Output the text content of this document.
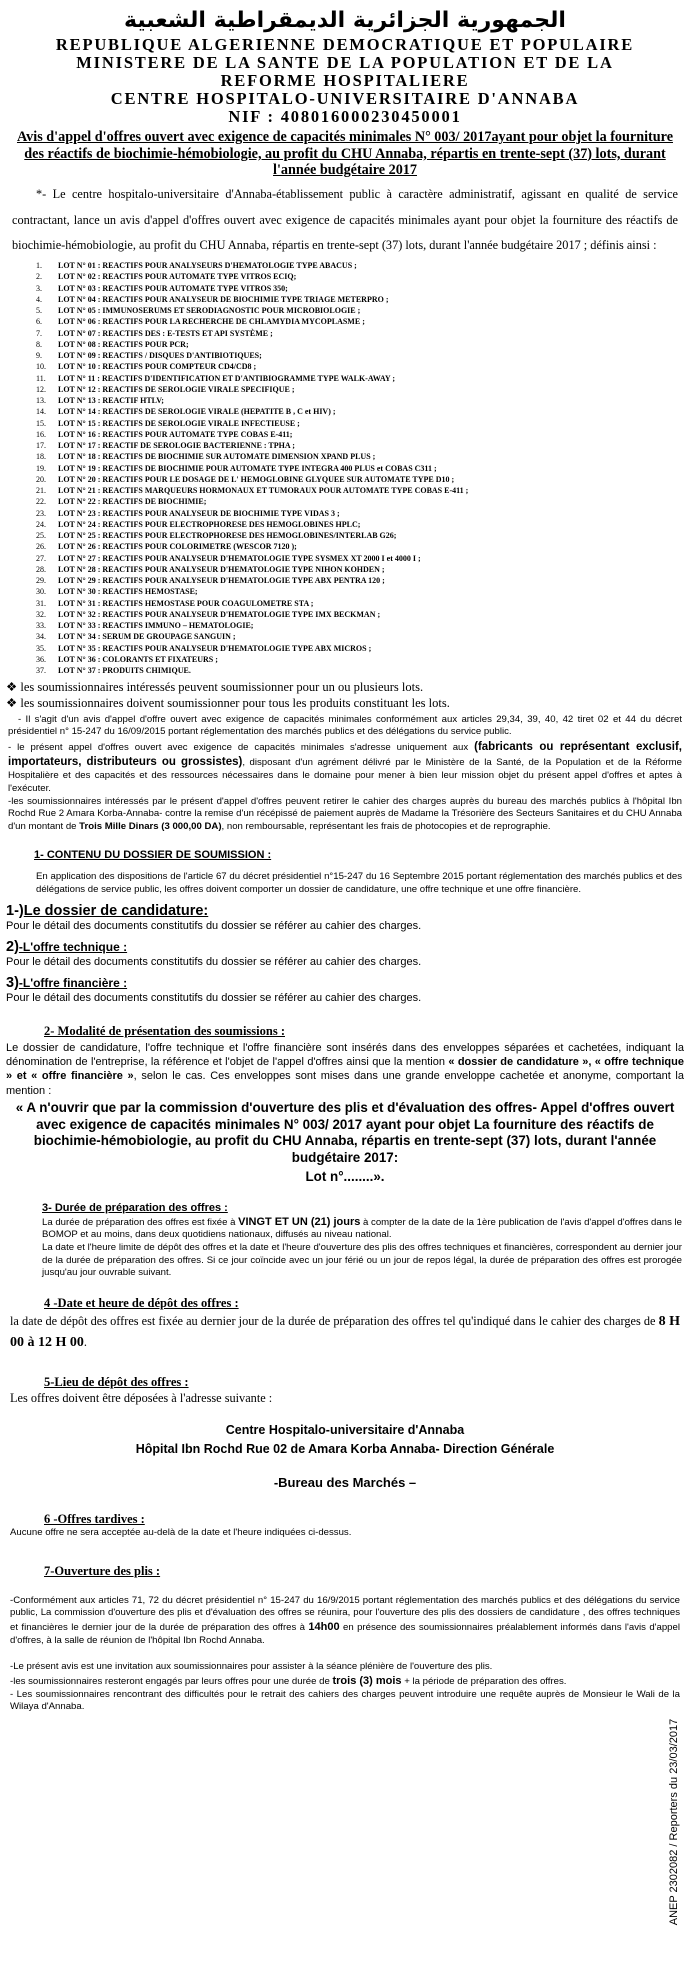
الجمهورية الجزائرية الديمقراطية الشعبية
REPUBLIQUE ALGERIENNE DEMOCRATIQUE ET POPULAIRE
MINISTERE DE LA SANTE DE LA POPULATION ET DE LA
REFORME HOSPITALIERE
CENTRE HOSPITALO-UNIVERSITAIRE D'ANNABA
NIF : 408016000230450001
Avis d'appel d'offres ouvert avec exigence de capacités minimales N° 003/ 2017ayant pour objet la fourniture des réactifs de biochimie-hémobiologie, au profit du CHU Annaba, répartis en trente-sept (37) lots, durant l'année budgétaire 2017

*- Le centre hospitalo-universitaire d'Annaba-établissement public à caractère administratif, agissant en qualité de service contractant, lance un avis d'appel d'offres ouvert avec exigence de capacités minimales ayant pour objet la fourniture des réactifs de biochimie-hémobiologie, au profit du CHU Annaba, répartis en trente-sept (37) lots, durant l'année budgétaire 2017 ; définis ainsi :

1.	LOT N° 01 : REACTIFS POUR ANALYSEURS D'HEMATOLOGIE TYPE ABACUS ;
2.	LOT N° 02 : REACTIFS POUR AUTOMATE TYPE VITROS ECIQ;
3.	LOT N° 03 : REACTIFS POUR AUTOMATE TYPE VITROS 350;
4.	LOT N° 04 : REACTIFS POUR ANALYSEUR DE BIOCHIMIE TYPE TRIAGE METERPRO ;
5.	LOT N° 05 : IMMUNOSERUMS ET SERODIAGNOSTIC POUR MICROBIOLOGIE ;
6.	LOT N° 06 : REACTIFS POUR LA RECHERCHE DE CHLAMYDIA MYCOPLASME ;
7.	LOT N° 07 : REACTIFS DES : E-TESTS ET API SYSTÈME ;
8.	LOT N° 08 : REACTIFS POUR PCR;
9.	LOT N° 09 : REACTIFS / DISQUES D'ANTIBIOTIQUES;
10.	LOT N° 10 : REACTIFS POUR COMPTEUR CD4/CD8 ;
11.	LOT N° 11 : REACTIFS D'IDENTIFICATION ET D'ANTIBIOGRAMME TYPE WALK-AWAY ;
12.	LOT N° 12 : REACTIFS DE SEROLOGIE VIRALE SPECIFIQUE ;
13.	LOT N° 13 : REACTIF HTLV;
14.	LOT N° 14 : REACTIFS DE SEROLOGIE VIRALE (HEPATITE B , C et HIV) ;
15.	LOT N° 15 : REACTIFS DE SEROLOGIE VIRALE INFECTIEUSE ;
16.	LOT N° 16 : REACTIFS POUR AUTOMATE TYPE COBAS E-411;
17.	LOT N° 17 : REACTIF DE SEROLOGIE BACTERIENNE : TPHA ;
18.	LOT N° 18 : REACTIFS DE BIOCHIMIE SUR AUTOMATE DIMENSION XPAND PLUS ;
19.	LOT N° 19 : REACTIFS DE BIOCHIMIE POUR AUTOMATE TYPE INTEGRA 400 PLUS et COBAS C311 ;
20.	LOT N° 20 : REACTIFS POUR LE DOSAGE DE L' HEMOGLOBINE GLYQUEE SUR AUTOMATE TYPE D10 ;
21.	LOT N° 21 : REACTIFS MARQUEURS HORMONAUX ET TUMORAUX POUR AUTOMATE TYPE COBAS E-411 ;
22.	LOT N° 22 : REACTIFS DE BIOCHIMIE;
23.	LOT N° 23 : REACTIFS POUR ANALYSEUR DE BIOCHIMIE TYPE VIDAS 3 ;
24.	LOT N° 24 : REACTIFS POUR ELECTROPHORESE DES HEMOGLOBINES HPLC;
25.	LOT N° 25 : REACTIFS POUR ELECTROPHORESE DES HEMOGLOBINES/INTERLAB G26;
26.	LOT N° 26 : REACTIFS POUR COLORIMETRE (WESCOR 7120 );
27.	LOT N° 27 : REACTIFS POUR ANALYSEUR D'HEMATOLOGIE TYPE SYSMEX XT 2000 I et 4000 I ;
28.	LOT N° 28 : REACTIFS POUR ANALYSEUR D'HEMATOLOGIE TYPE NIHON KOHDEN ;
29.	LOT N° 29 : REACTIFS POUR ANALYSEUR D'HEMATOLOGIE TYPE ABX PENTRA 120 ;
30.	LOT N° 30 : REACTIFS HEMOSTASE;
31.	LOT N° 31 : REACTIFS HEMOSTASE POUR COAGULOMETRE STA ;
32.	LOT N° 32 : REACTIFS POUR ANALYSEUR D'HEMATOLOGIE TYPE IMX BECKMAN ;
33.	LOT N° 33 : REACTIFS IMMUNO – HEMATOLOGIE;
34.	LOT N° 34 : SERUM DE GROUPAGE SANGUIN ;
35.	LOT N° 35 : REACTIFS POUR ANALYSEUR D'HEMATOLOGIE TYPE ABX MICROS ;
36.	LOT N° 36 : COLORANTS ET FIXATEURS ;
37.	LOT N° 37 : PRODUITS CHIMIQUE.
❖ les soumissionnaires intéressés peuvent soumissionner pour un ou plusieurs lots.
❖ les soumissionnaires doivent soumissionner pour tous les produits constituant les lots.

- Il s'agit d'un avis d'appel d'offre ouvert avec exigence de capacités minimales conformément aux articles 29,34, 39, 40, 42 tiret 02 et 44 du décret présidentiel n° 15-247 du 16/09/2015 portant réglementation des marchés publics et des délégations du service public.

- le présent appel d'offres ouvert avec exigence de capacités minimales s'adresse uniquement aux (fabricants ou représentant exclusif, importateurs, distributeurs ou grossistes), disposant d'un agrément délivré par le Ministère de la Santé, de la Population et de la Réforme Hospitalière et des capacités et des ressources nécessaires dans le domaine pour mener à bien leur mission objet du présent appel d'offres et aptes à l'exécuter.

-les soumissionnaires intéressés par le présent d'appel d'offres peuvent retirer le cahier des charges auprès du bureau des marchés publics à l'hôpital Ibn Rochd Rue 2 Amara Korba-Annaba- contre la remise d'un récépissé de paiement auprès de Madame la Trésorière des Secteurs Sanitaires et du CHU Annaba d'un montant de Trois Mille Dinars (3 000,00 DA), non remboursable, représentant les frais de photocopies et de reprographie.

1- CONTENU DU DOSSIER DE SOUMISSION :

En application des dispositions de l'article 67 du décret présidentiel n°15-247 du 16 Septembre 2015 portant réglementation des marchés publics et des délégations de service public, les offres doivent comporter un dossier de candidature, une offre technique et une offre financière.

1-)Le dossier de candidature:
Pour le détail des documents constitutifs du dossier se référer au cahier des charges.
2)-L'offre technique :
Pour le détail des documents constitutifs du dossier se référer au cahier des charges.
3)-L'offre financière :
Pour le détail des documents constitutifs du dossier se référer au cahier des charges.
2- Modalité de présentation des soumissions :

Le dossier de candidature, l'offre technique et l'offre financière sont insérés dans des enveloppes séparées et cachetées, indiquant la dénomination de l'entreprise, la référence et l'objet de l'appel d'offres ainsi que la mention « dossier de candidature », « offre technique » et « offre financière », selon le cas. Ces enveloppes sont mises dans une grande enveloppe cachetée et anonyme, comportant la mention :

« A n'ouvrir que par la commission d'ouverture des plis et d'évaluation des offres- Appel d'offres ouvert avec exigence de capacités minimales N° 003/ 2017 ayant pour objet La fourniture des réactifs de biochimie-hémobiologie, au profit du CHU Annaba, répartis en trente-sept (37) lots, durant l'année budgétaire 2017:
Lot n°........».
3- Durée de préparation des offres :

La durée de préparation des offres est fixée à VINGT ET UN (21) jours à compter de la date de la 1ère publication de l'avis d'appel d'offres dans le BOMOP et au moins, dans deux quotidiens nationaux, diffusés au niveau national.

La date et l'heure limite de dépôt des offres et la date et l'heure d'ouverture des plis des offres techniques et financières, correspondent au dernier jour de la durée de préparation des offres. Si ce jour coïncide avec un jour férié ou un jour de repos légal, la durée de préparation des offres est prorogée jusqu'au jour ouvrable suivant.

4 -Date et heure de dépôt des offres :

la date de dépôt des offres est fixée au dernier jour de la durée de préparation des offres tel qu'indiqué dans le cahier des charges de 8 H 00 à 12 H 00.

5-Lieu de dépôt des offres :

Les offres doivent être déposées à l'adresse suivante :

Centre Hospitalo-universitaire d'Annaba
Hôpital Ibn Rochd Rue 02 de Amara Korba Annaba- Direction Générale
-Bureau des Marchés –
6 -Offres tardives :

Aucune offre ne sera acceptée au-delà de la date et l'heure indiquées ci-dessus.

7-Ouverture des plis :

-Conformément aux articles 71, 72 du décret présidentiel n° 15-247 du 16/9/2015 portant réglementation des marchés publics et des délégations du service public, La commission d'ouverture des plis et d'évaluation des offres se réunira, pour l'ouverture des plis des dossiers de candidature , des offres techniques et financières le dernier jour de la durée de préparation des offres à 14h00 en présence des soumissionnaires préalablement informés dans l'avis d'appel d'offres, à la salle de réunion de l'hôpital Ibn Rochd Annaba.

-Le présent avis est une invitation aux soumissionnaires pour assister à la séance plénière de l'ouverture des plis.

-les soumissionnaires resteront engagés par leurs offres pour une durée de trois (3) mois + la période de préparation des offres.

- Les soumissionnaires rencontrant des difficultés pour le retrait des cahiers des charges peuvent introduire une requête auprès de Monsieur le Wali de la Wilaya d'Annaba.

ANEP 2302082 / Reporters du 23/03/2017
